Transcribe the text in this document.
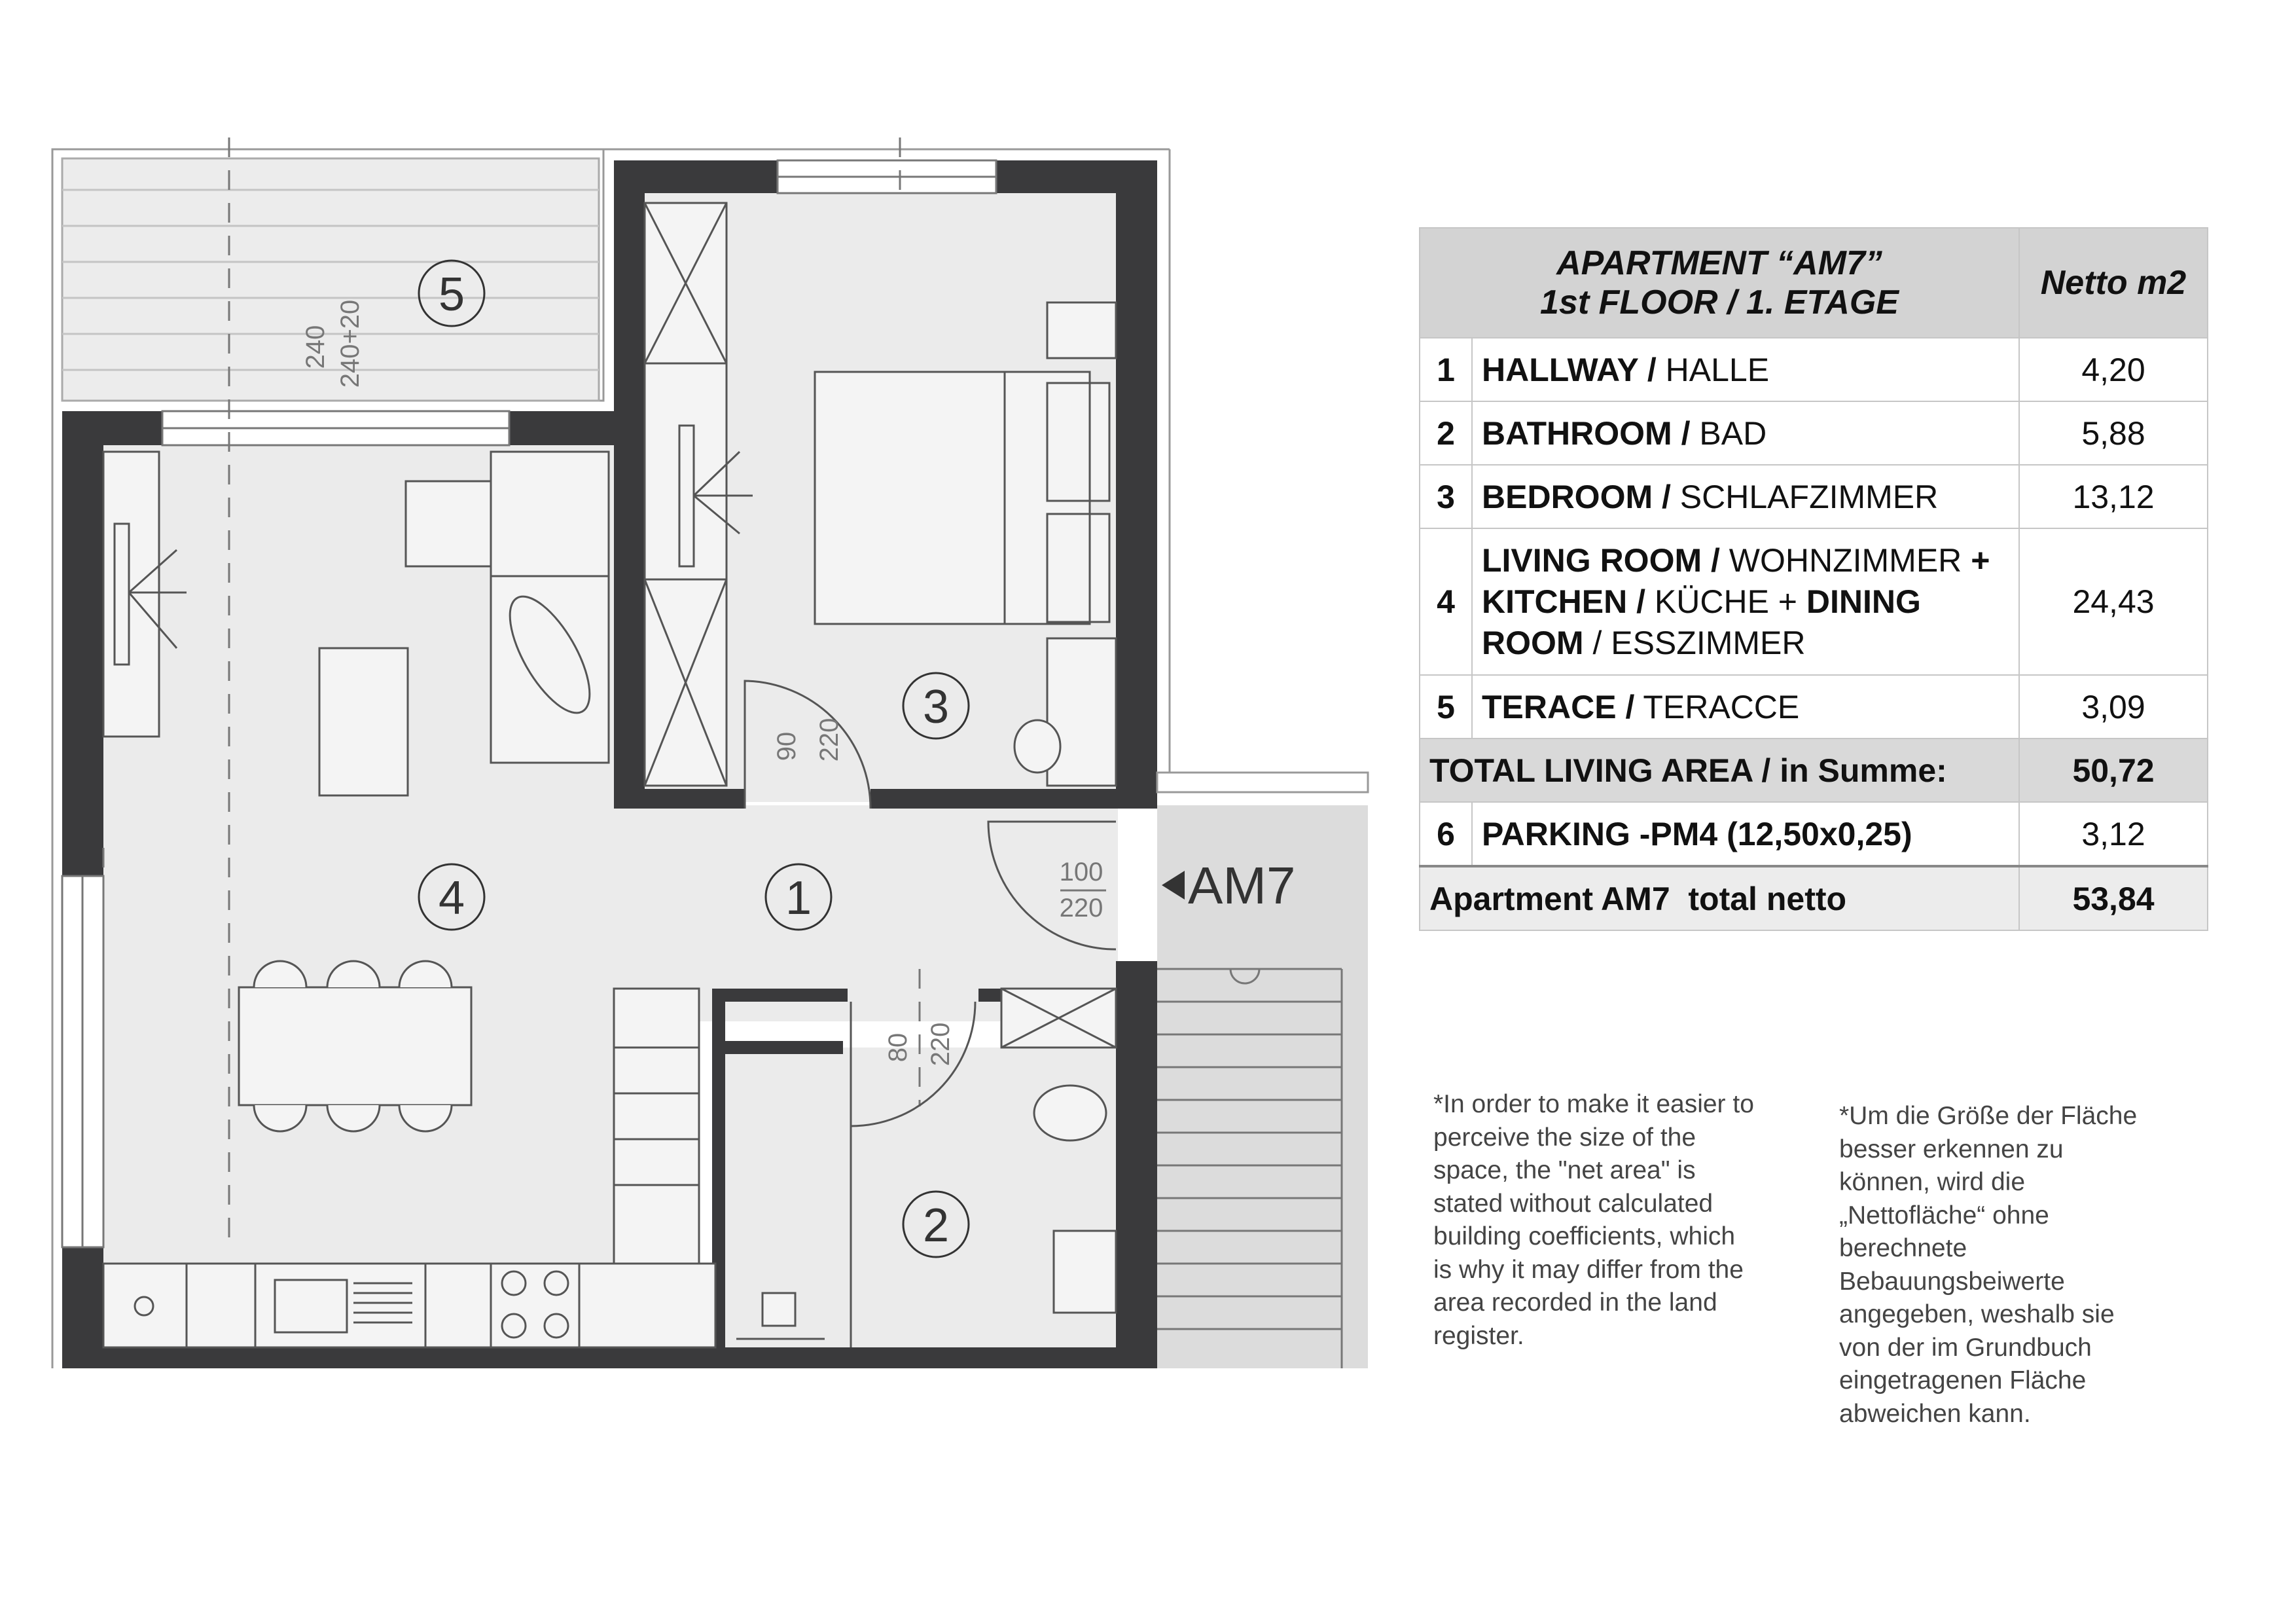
5
3
4	1
2
240 240+20
90 220
80 220
100
220 AM7
APARTMENT “AM7”
1st FLOOR / 1. ETAGE		Netto m2
1	HALLWAY / HALLE	4,20
2	BATHROOM / BAD	5,88
3	BEDROOM / SCHLAFZIMMER	13,12
4	LIVING ROOM / WOHNZIMMER +
KITCHEN / KÜCHE + DINING ROOM / ESSZIMMER	24,43
5	TERACE / TERACCE	3,09
TOTAL LIVING AREA / in Summe:		50,72
6	PARKING -PM4 (12,50x0,25)	3,12
Apartment AM7  total netto		53,84
*In order to make it easier to
perceive the size of the
space, the "net area" is
stated without calculated
building coefficients, which
is why it may differ from the
area recorded in the land
register.
*Um die Größe der Fläche
besser erkennen zu
können, wird die
„Nettofläche“ ohne
berechnete
Bebauungsbeiwerte
angegeben, weshalb sie
von der im Grundbuch
eingetragenen Fläche
abweichen kann.
